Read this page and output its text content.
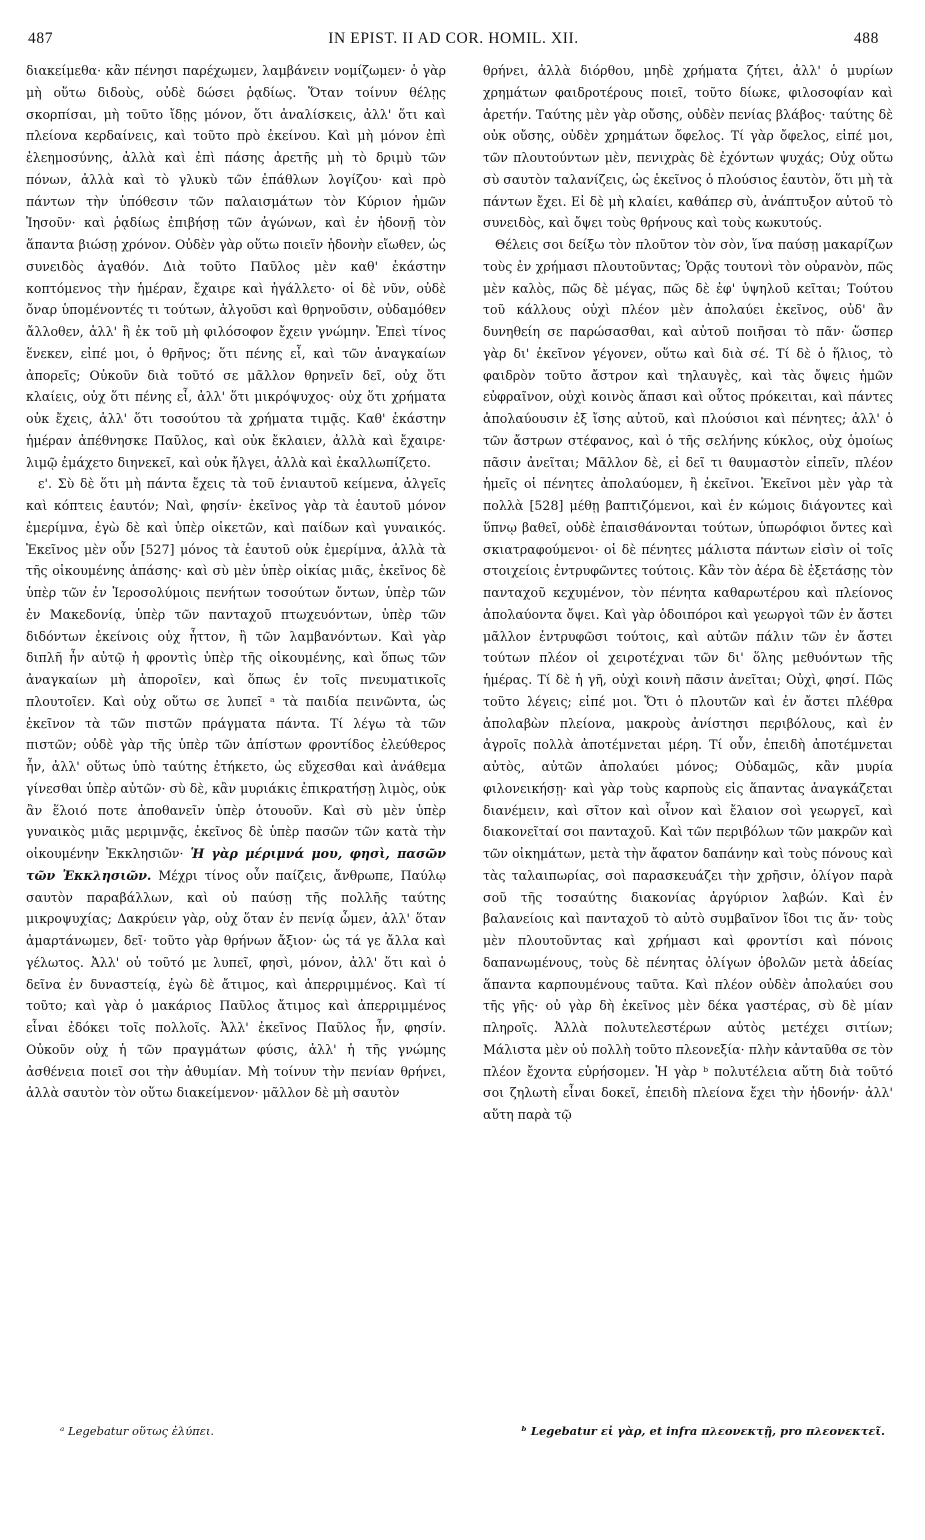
487	IN EPIST. II AD COR. HOMIL. XII.	488

διακείμεθα· κἂν πένησι παρέχωμεν, λαμβάνειν νομίζωμεν· ὁ γὰρ μὴ οὕτω διδοὺς, οὐδὲ δώσει ῥᾳδίως. Ὅταν τοίνυν θέλῃς σκορπίσαι, μὴ τοῦτο ἴδῃς μόνον, ὅτι ἀναλίσκεις, ἀλλ' ὅτι καὶ πλείονα κερδαίνεις, καὶ τοῦτο πρὸ ἐκείνου. Καὶ μὴ μόνον ἐπὶ ἐλεημοσύνης, ἀλλὰ καὶ ἐπὶ πάσης ἀρετῆς μὴ τὸ δριμὺ τῶν πόνων, ἀλλὰ καὶ τὸ γλυκὺ τῶν ἐπάθλων λογίζου· καὶ πρὸ πάντων τὴν ὑπόθεσιν τῶν παλαισμάτων τὸν Κύριον ἡμῶν Ἰησοῦν· καὶ ῥᾳδίως ἐπιβήσῃ τῶν ἀγώνων, καὶ ἐν ἡδονῇ τὸν ἅπαντα βιώσῃ χρόνον. Οὐδὲν γὰρ οὕτω ποιεῖν ἡδονὴν εἴωθεν, ὡς συνειδὸς ἀγαθόν. Διὰ τοῦτο Παῦλος μὲν καθ' ἑκάστην κοπτόμενος τὴν ἡμέραν, ἔχαιρε καὶ ἠγάλλετο· οἱ δὲ νῦν, οὐδὲ ὄναρ ὑπομένοντές τι τούτων, ἀλγοῦσι καὶ θρηνοῦσιν, οὐδαμόθεν ἄλλοθεν, ἀλλ' ἢ ἐκ τοῦ μὴ φιλόσοφον ἔχειν γνώμην. Ἐπεὶ τίνος ἕνεκεν, εἰπέ μοι, ὁ θρῆνος; ὅτι πένης εἶ, καὶ τῶν ἀναγκαίων ἀπορεῖς; Οὐκοῦν διὰ τοῦτό σε μᾶλλον θρηνεῖν δεῖ, οὐχ ὅτι κλαίεις, οὐχ ὅτι πένης εἶ, ἀλλ' ὅτι μικρόψυχος· οὐχ ὅτι χρήματα οὐκ ἔχεις, ἀλλ' ὅτι τοσούτου τὰ χρήματα τιμᾷς. Καθ' ἑκάστην ἡμέραν ἀπέθνησκε Παῦλος, καὶ οὐκ ἔκλαιεν, ἀλλὰ καὶ ἔχαιρε· λιμῷ ἐμάχετο διηνεκεῖ, καὶ οὐκ ἤλγει, ἀλλὰ καὶ ἐκαλλωπίζετο.

ε'. Σὺ δὲ ὅτι μὴ πάντα ἔχεις τὰ τοῦ ἐνιαυτοῦ κείμενα, ἀλγεῖς καὶ κόπτεις ἑαυτόν; Ναὶ, φησίν· ἐκεῖνος γὰρ τὰ ἑαυτοῦ μόνον ἐμερίμνα, ἐγὼ δὲ καὶ ὑπὲρ οἰκετῶν, καὶ παίδων καὶ γυναικός. Ἐκεῖνος μὲν οὖν [527] μόνος τὰ ἑαυτοῦ οὐκ ἐμερίμνα, ἀλλὰ τὰ τῆς οἰκουμένης ἁπάσης· καὶ σὺ μὲν ὑπὲρ οἰκίας μιᾶς, ἐκεῖνος δὲ ὑπὲρ τῶν ἐν Ἱεροσολύμοις πενήτων τοσούτων ὄντων, ὑπὲρ τῶν ἐν Μακεδονίᾳ, ὑπὲρ τῶν πανταχοῦ πτωχευόντων, ὑπὲρ τῶν διδόντων ἐκείνοις οὐχ ἧττον, ἢ τῶν λαμβανόντων. Καὶ γὰρ διπλῆ ἦν αὐτῷ ἡ φροντὶς ὑπὲρ τῆς οἰκουμένης, καὶ ὅπως τῶν ἀναγκαίων μὴ ἀποροῖεν, καὶ ὅπως ἐν τοῖς πνευματικοῖς πλουτοῖεν. Καὶ οὐχ οὕτω σε λυπεῖ ᵃ τὰ παιδία πεινῶντα, ὡς ἐκεῖνον τὰ τῶν πιστῶν πράγματα πάντα. Τί λέγω τὰ τῶν πιστῶν; οὐδὲ γὰρ τῆς ὑπὲρ τῶν ἀπίστων φροντίδος ἐλεύθερος ἦν, ἀλλ' οὕτως ὑπὸ ταύτης ἐτήκετο, ὡς εὔχεσθαι καὶ ἀνάθεμα γίνεσθαι ὑπὲρ αὐτῶν· σὺ δὲ, κἂν μυριάκις ἐπικρατήσῃ λιμὸς, οὐκ ἂν ἕλοιό ποτε ἀποθανεῖν ὑπὲρ ὁτουοῦν. Καὶ σὺ μὲν ὑπὲρ γυναικὸς μιᾶς μεριμνᾷς, ἐκεῖνος δὲ ὑπὲρ πασῶν τῶν κατὰ τὴν οἰκουμένην Ἐκκλησιῶν· Ἡ γὰρ μέριμνά μου, φησὶ, πασῶν τῶν Ἐκκλησιῶν. Μέχρι τίνος οὖν παίζεις, ἄνθρωπε, Παύλῳ σαυτὸν παραβάλλων, καὶ οὐ παύσῃ τῆς πολλῆς ταύτης μικροψυχίας; Δακρύειν γὰρ, οὐχ ὅταν ἐν πενίᾳ ὦμεν, ἀλλ' ὅταν ἁμαρτάνωμεν, δεῖ· τοῦτο γὰρ θρήνων ἄξιον· ὡς τά γε ἄλλα καὶ γέλωτος. Ἀλλ' οὐ τοῦτό με λυπεῖ, φησὶ, μόνον, ἀλλ' ὅτι καὶ ὁ δεῖνα ἐν δυναστείᾳ, ἐγὼ δὲ ἄτιμος, καὶ ἀπερριμμένος. Καὶ τί τοῦτο; καὶ γὰρ ὁ μακάριος Παῦλος ἄτιμος καὶ ἀπερριμμένος εἶναι ἐδόκει τοῖς πολλοῖς. Ἀλλ' ἐκεῖνος Παῦλος ἦν, φησίν. Οὐκοῦν οὐχ ἡ τῶν πραγμάτων φύσις, ἀλλ' ἡ τῆς γνώμης ἀσθένεια ποιεῖ σοι τὴν ἀθυμίαν. Μὴ τοίνυν τὴν πενίαν θρήνει, ἀλλὰ σαυτὸν τὸν οὕτω διακείμενον· μᾶλλον δὲ μὴ σαυτὸν

θρήνει, ἀλλὰ διόρθου, μηδὲ χρήματα ζήτει, ἀλλ' ὁ μυρίων χρημάτων φαιδροτέρους ποιεῖ, τοῦτο δίωκε, φιλοσοφίαν καὶ ἀρετήν. Ταύτης μὲν γὰρ οὔσης, οὐδὲν πενίας βλάβος· ταύτης δὲ οὐκ οὔσης, οὐδὲν χρημάτων ὄφελος. Τί γὰρ ὄφελος, εἰπέ μοι, τῶν πλουτούντων μὲν, πενιχρὰς δὲ ἐχόντων ψυχάς; Οὐχ οὕτω σὺ σαυτὸν ταλανίζεις, ὡς ἐκεῖνος ὁ πλούσιος ἑαυτὸν, ὅτι μὴ τὰ πάντων ἔχει. Εἰ δὲ μὴ κλαίει, καθάπερ σὺ, ἀνάπτυξον αὐτοῦ τὸ συνειδὸς, καὶ ὄψει τοὺς θρήνους καὶ τοὺς κωκυτούς.

Θέλεις σοι δείξω τὸν πλοῦτον τὸν σὸν, ἵνα παύσῃ μακαρίζων τοὺς ἐν χρήμασι πλουτοῦντας; Ὁρᾷς τουτονὶ τὸν οὐρανὸν, πῶς μὲν καλὸς, πῶς δὲ μέγας, πῶς δὲ ἐφ' ὑψηλοῦ κεῖται; Τούτου τοῦ κάλλους οὐχὶ πλέον μὲν ἀπολαύει ἐκεῖνος, οὐδ' ἂν δυνηθείη σε παρώσασθαι, καὶ αὐτοῦ ποιῆσαι τὸ πᾶν· ὥσπερ γὰρ δι' ἐκεῖνον γέγονεν, οὕτω καὶ διὰ σέ. Τί δὲ ὁ ἥλιος, τὸ φαιδρὸν τοῦτο ἄστρον καὶ τηλαυγὲς, καὶ τὰς ὄψεις ἡμῶν εὐφραῖνον, οὐχὶ κοινὸς ἅπασι καὶ οὗτος πρόκειται, καὶ πάντες ἀπολαύουσιν ἐξ ἴσης αὐτοῦ, καὶ πλούσιοι καὶ πένητες; ἀλλ' ὁ τῶν ἄστρων στέφανος, καὶ ὁ τῆς σελήνης κύκλος, οὐχ ὁμοίως πᾶσιν ἀνεῖται; Μᾶλλον δὲ, εἰ δεῖ τι θαυμαστὸν εἰπεῖν, πλέον ἡμεῖς οἱ πένητες ἀπολαύομεν, ἢ ἐκεῖνοι. Ἐκεῖνοι μὲν γὰρ τὰ πολλὰ [528] μέθῃ βαπτιζόμενοι, καὶ ἐν κώμοις διάγοντες καὶ ὕπνῳ βαθεῖ, οὐδὲ ἐπαισθάνονται τούτων, ὑπωρόφιοι ὄντες καὶ σκιατραφούμενοι· οἱ δὲ πένητες μάλιστα πάντων εἰσὶν οἱ τοῖς στοιχείοις ἐντρυφῶντες τούτοις. Κἂν τὸν ἀέρα δὲ ἐξετάσῃς τὸν πανταχοῦ κεχυμένον, τὸν πένητα καθαρωτέρου καὶ πλείονος ἀπολαύοντα ὄψει. Καὶ γὰρ ὁδοιπόροι καὶ γεωργοὶ τῶν ἐν ἄστει μᾶλλον ἐντρυφῶσι τούτοις, καὶ αὐτῶν πάλιν τῶν ἐν ἄστει τούτων πλέον οἱ χειροτέχναι τῶν δι' ὅλης μεθυόντων τῆς ἡμέρας. Τί δὲ ἡ γῆ, οὐχὶ κοινὴ πᾶσιν ἀνεῖται; Οὐχὶ, φησί. Πῶς τοῦτο λέγεις; εἰπέ μοι. Ὅτι ὁ πλουτῶν καὶ ἐν ἄστει πλέθρα ἀπολαβὼν πλείονα, μακροὺς ἀνίστησι περιβόλους, καὶ ἐν ἀγροῖς πολλὰ ἀποτέμνεται μέρη. Τί οὖν, ἐπειδὴ ἀποτέμνεται αὐτὸς, αὐτῶν ἀπολαύει μόνος; Οὐδαμῶς, κἂν μυρία φιλονεικήσῃ· καὶ γὰρ τοὺς καρποὺς εἰς ἅπαντας ἀναγκάζεται διανέμειν, καὶ σῖτον καὶ οἶνον καὶ ἔλαιον σοὶ γεωργεῖ, καὶ διακονεῖταί σοι πανταχοῦ. Καὶ τῶν περιβόλων τῶν μακρῶν καὶ τῶν οἰκημάτων, μετὰ τὴν ἄφατον δαπάνην καὶ τοὺς πόνους καὶ τὰς ταλαιπωρίας, σοὶ παρασκευάζει τὴν χρῆσιν, ὀλίγον παρὰ σοῦ τῆς τοσαύτης διακονίας ἀργύριον λαβών. Καὶ ἐν βαλανείοις καὶ πανταχοῦ τὸ αὐτὸ συμβαῖνον ἴδοι τις ἄν· τοὺς μὲν πλουτοῦντας καὶ χρήμασι καὶ φροντίσι καὶ πόνοις δαπανωμένους, τοὺς δὲ πένητας ὀλίγων ὀβολῶν μετὰ ἀδείας ἅπαντα καρπουμένους ταῦτα. Καὶ πλέον οὐδὲν ἀπολαύει σου τῆς γῆς· οὐ γὰρ δὴ ἐκεῖνος μὲν δέκα γαστέρας, σὺ δὲ μίαν πληροῖς. Ἀλλὰ πολυτελεστέρων αὐτὸς μετέχει σιτίων; Μάλιστα μὲν οὐ πολλὴ τοῦτο πλεονεξία· πλὴν κἀνταῦθα σε τὸν πλέον ἔχοντα εὑρήσομεν. Ἡ γὰρ ᵇ πολυτέλεια αὕτη διὰ τοῦτό σοι ζηλωτὴ εἶναι δοκεῖ, ἐπειδὴ πλείονα ἔχει τὴν ἡδονήν· ἀλλ' αὕτη παρὰ τῷ

ᵃ Legebatur οὕτως ἐλύπει.	ᵇ Legebatur εἰ γὰρ, et infra πλεονεκτῇ, pro πλεονεκτεῖ.
